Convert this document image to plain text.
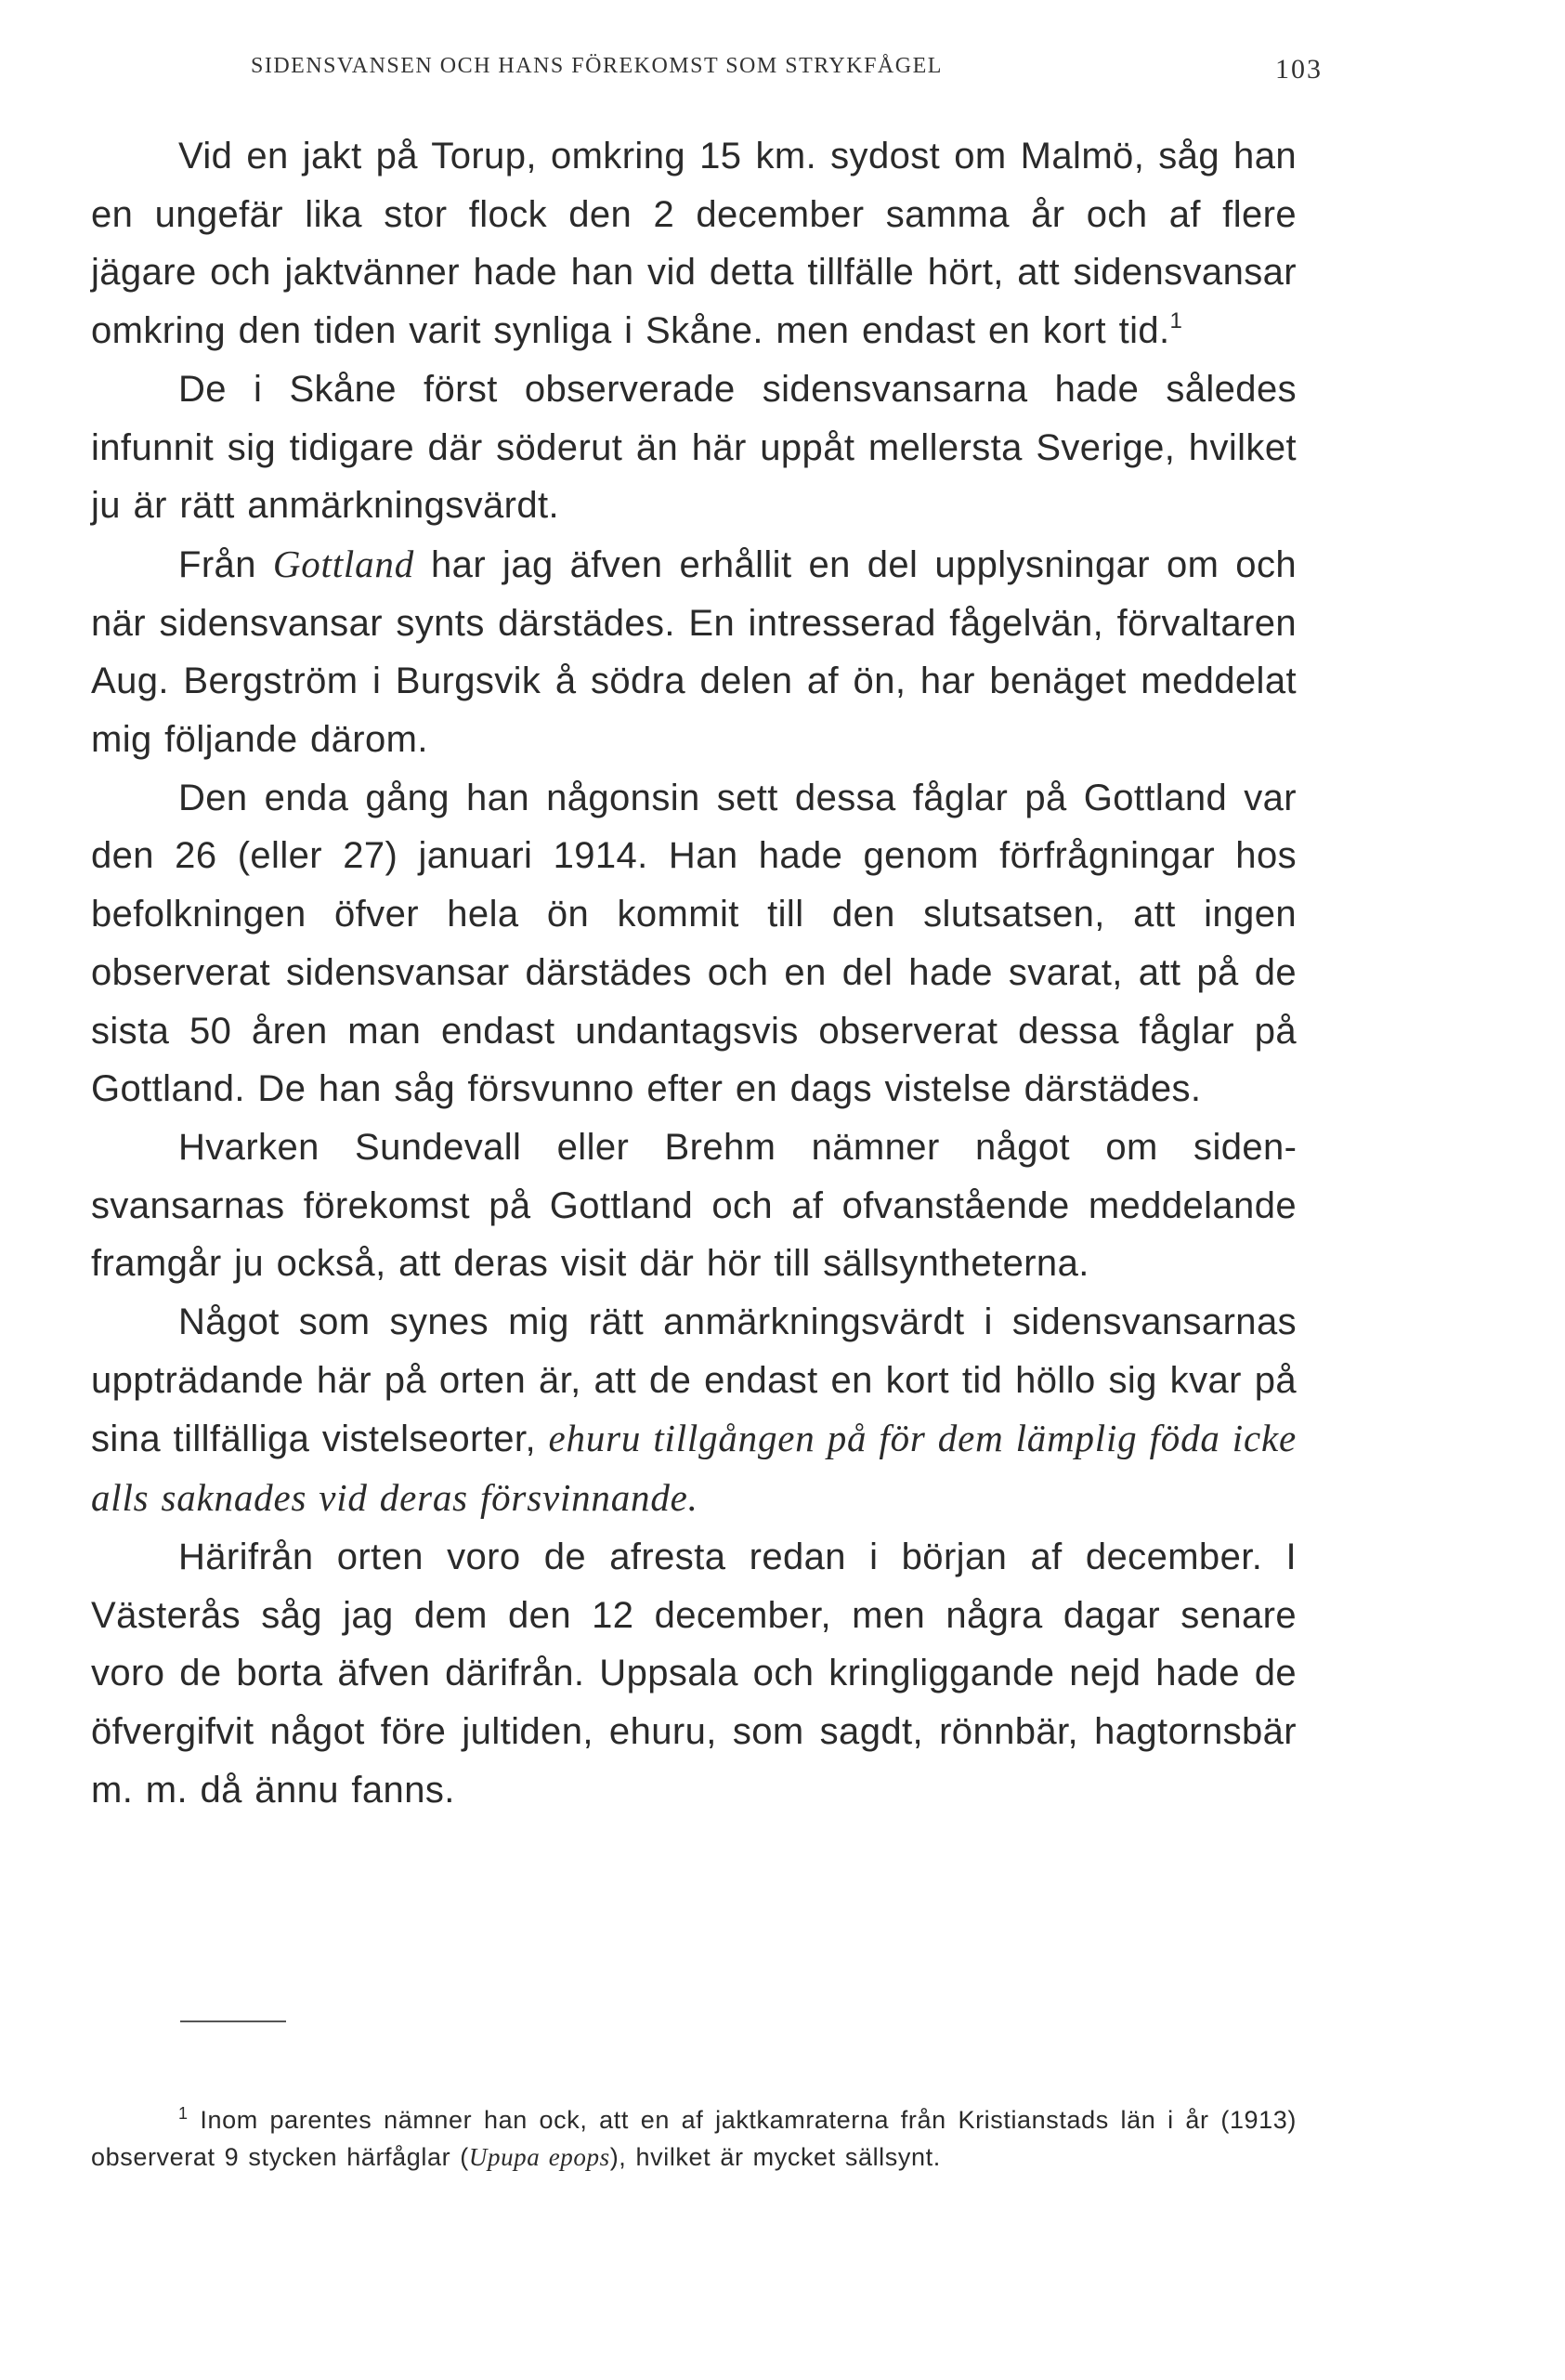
SIDENSVANSEN OCH HANS FÖREKOMST SOM STRYKFÅGEL	103

Vid en jakt på Torup, omkring 15 km. sydost om Malmö, såg han en ungefär lika stor flock den 2 december samma år och af flere jägare och jaktvänner hade han vid detta tillfälle hört, att sidensvansar omkring den tiden varit synliga i Skåne. men endast en kort tid.$^1$

De i Skåne först observerade sidensvansarna hade således infunnit sig tidigare där söderut än här uppåt mellersta Sverige, hvilket ju är rätt anmärkningsvärdt.

Från Gottland har jag äfven erhållit en del upplysningar om och när sidensvansar synts därstädes. En intresserad fågelvän, förvaltaren Aug. Bergström i Burgsvik å södra delen af ön, har benäget meddelat mig följande därom.

Den enda gång han någonsin sett dessa fåglar på Gottland var den 26 (eller 27) januari 1914. Han hade genom förfrågningar hos befolkningen öfver hela ön kommit till den slutsatsen, att ingen observerat sidensvansar därstädes och en del hade svarat, att på de sista 50 åren man endast undantagsvis observerat dessa fåglar på Gottland. De han såg försvunno efter en dags vistelse därstädes.

Hvarken Sundevall eller Brehm nämner något om sidensvansarnas förekomst på Gottland och af ofvanstående meddelande framgår ju också, att deras visit där hör till sällsyntheterna.

Något som synes mig rätt anmärkningsvärdt i sidensvansarnas uppträdande här på orten är, att de endast en kort tid höllo sig kvar på sina tillfälliga vistelseorter, ehuru tillgången på för dem lämplig föda icke alls saknades vid deras försvinnande.

Härifrån orten voro de afresta redan i början af december. I Västerås såg jag dem den 12 december, men några dagar senare voro de borta äfven därifrån. Uppsala och kringliggande nejd hade de öfvergifvit något före jultiden, ehuru, som sagdt, rönnbär, hagtornsbär m. m. då ännu fanns.

$^1$ Inom parentes nämner han ock, att en af jaktkamraterna från Kristianstads län i år (1913) observerat 9 stycken härfåglar (Upupa epops), hvilket är mycket sällsynt.
